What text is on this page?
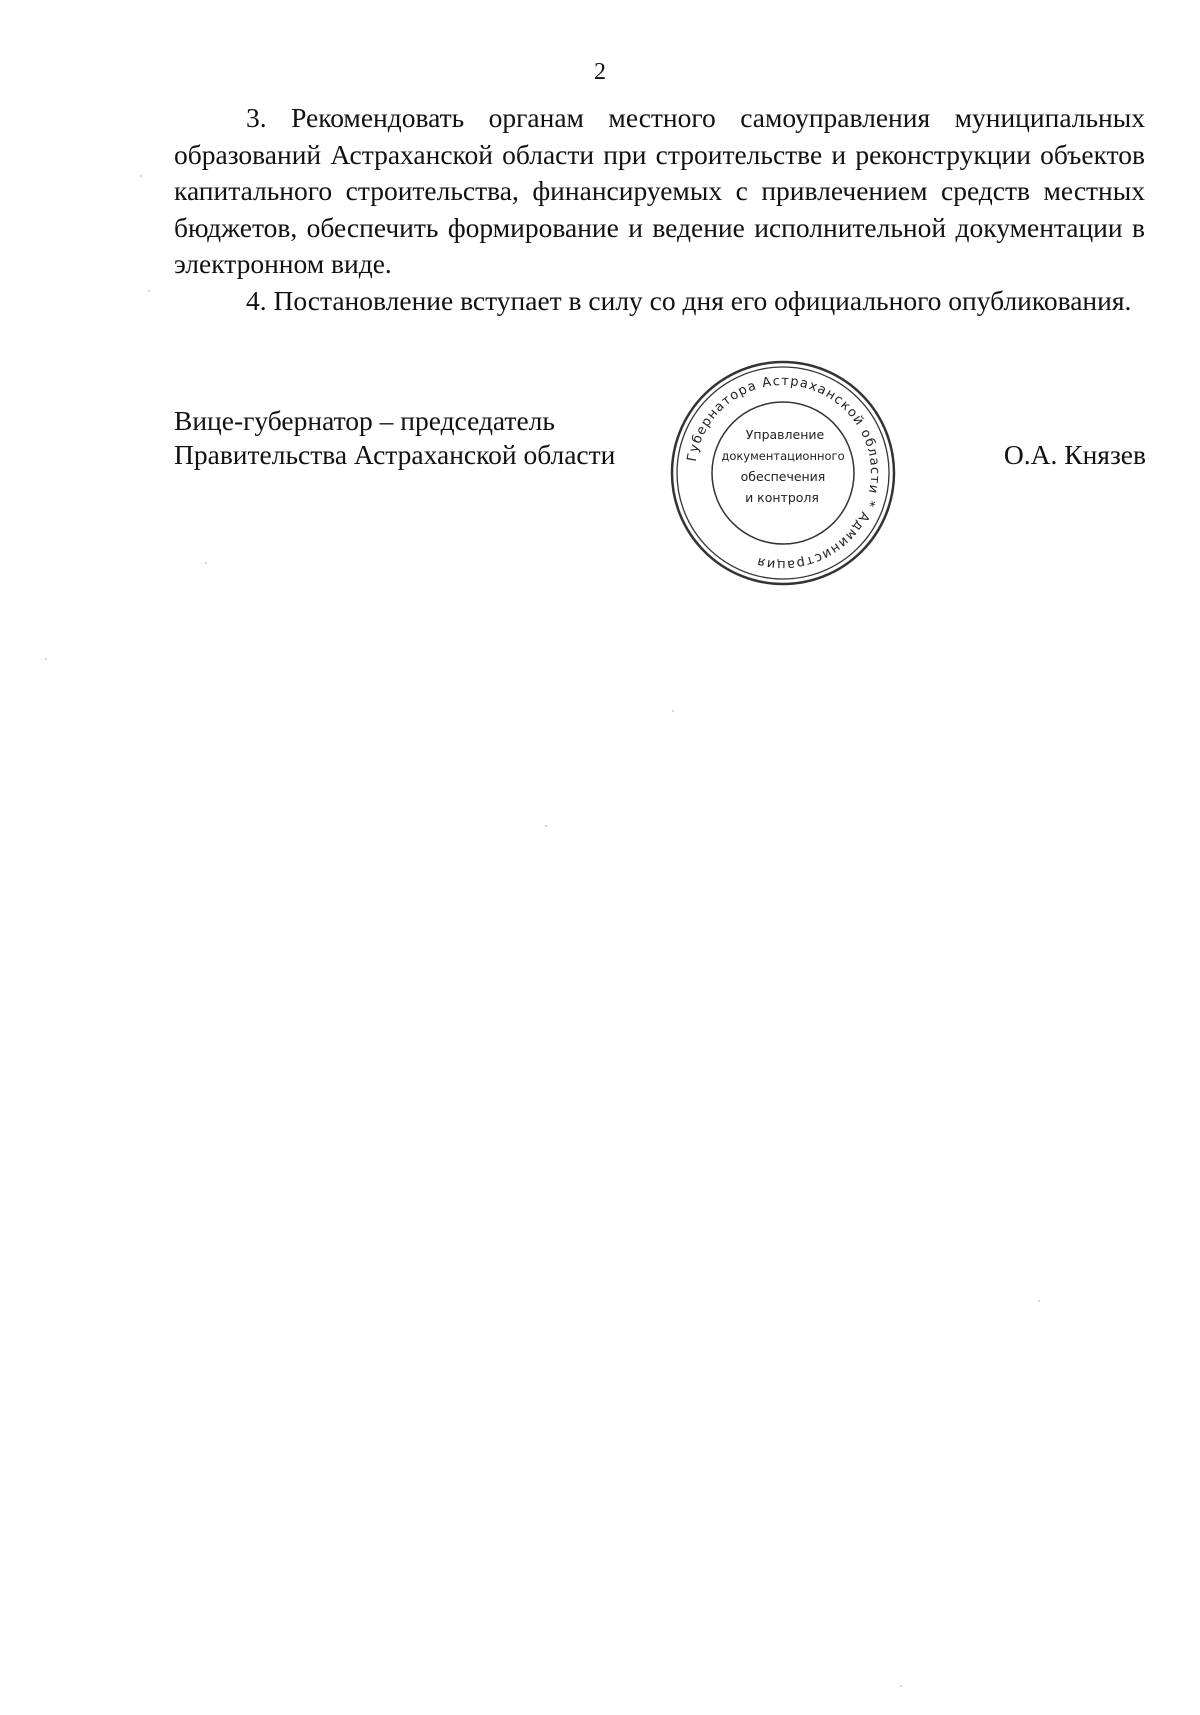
2

3. Рекомендовать органам местного самоуправления муниципальных образований Астраханской области при строительстве и реконструкции объектов капитального строительства, финансируемых с привлечением средств местных бюджетов, обеспечить формирование и ведение исполнительной документации в электронном виде.

4. Постановление вступает в силу со дня его официального опубликования.

Вице-губернатор – председатель
Правительства Астраханской области	Губернатора Астраханской области * Администрация
Управление
документационного
обеспечения
и контроля
О.А. Князев
